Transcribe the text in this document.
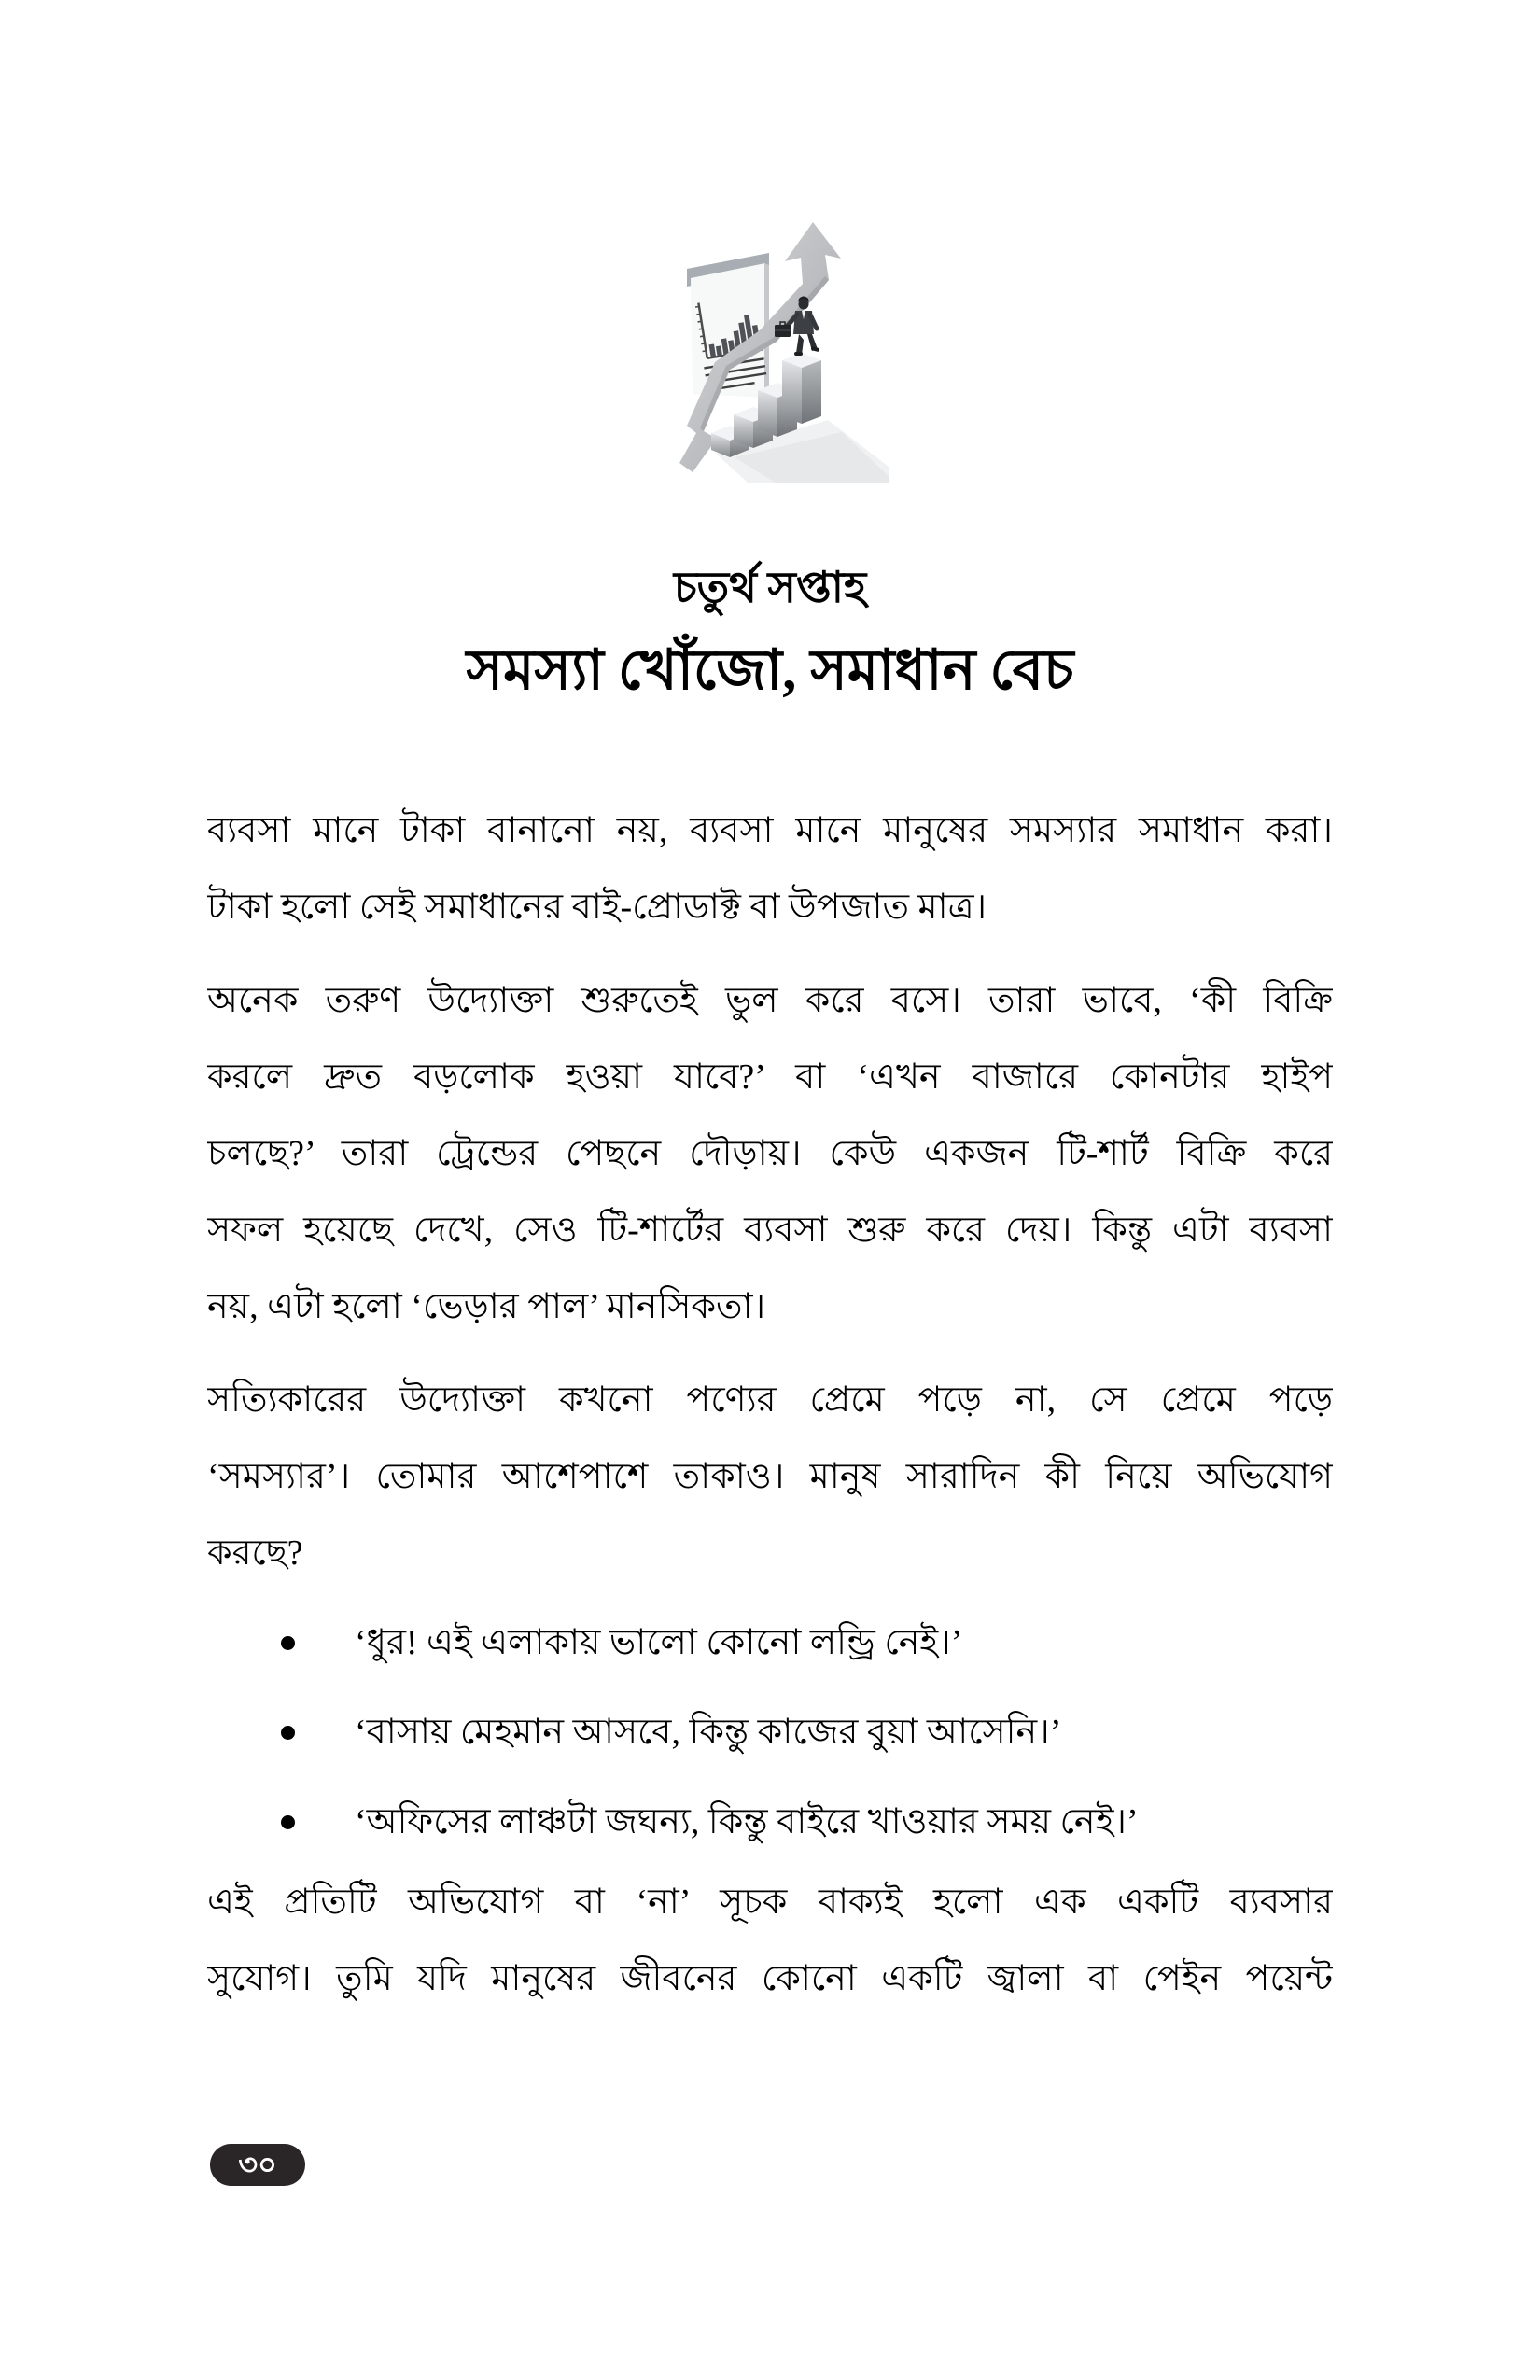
চতুর্থ সপ্তাহ
সমস্যা খোঁজো, সমাধান বেচ
ব্যবসা মানে টাকা বানানো নয়, ব্যবসা মানে মানুষের সমস্যার সমাধান করা।
টাকা হলো সেই সমাধানের বাই-প্রোডাক্ট বা উপজাত মাত্র।
অনেক তরুণ উদ্যোক্তা শুরুতেই ভুল করে বসে। তারা ভাবে, ‘কী বিক্রি
করলে দ্রুত বড়লোক হওয়া যাবে?’ বা ‘এখন বাজারে কোনটার হাইপ
চলছে?’ তারা ট্রেন্ডের পেছনে দৌড়ায়। কেউ একজন টি-শার্ট বিক্রি করে
সফল হয়েছে দেখে, সেও টি-শার্টের ব্যবসা শুরু করে দেয়। কিন্তু এটা ব্যবসা
নয়, এটা হলো ‘ভেড়ার পাল’ মানসিকতা।
সত্যিকারের উদ্যোক্তা কখনো পণ্যের প্রেমে পড়ে না, সে প্রেমে পড়ে
‘সমস্যার’। তোমার আশেপাশে তাকাও। মানুষ সারাদিন কী নিয়ে অভিযোগ
করছে?
‘ধুর! এই এলাকায় ভালো কোনো লন্ড্রি নেই।’
‘বাসায় মেহমান আসবে, কিন্তু কাজের বুয়া আসেনি।’
‘অফিসের লাঞ্চটা জঘন্য, কিন্তু বাইরে খাওয়ার সময় নেই।’
এই প্রতিটি অভিযোগ বা ‘না’ সূচক বাক্যই হলো এক একটি ব্যবসার
সুযোগ। তুমি যদি মানুষের জীবনের কোনো একটি জ্বালা বা পেইন পয়েন্ট
৩০
